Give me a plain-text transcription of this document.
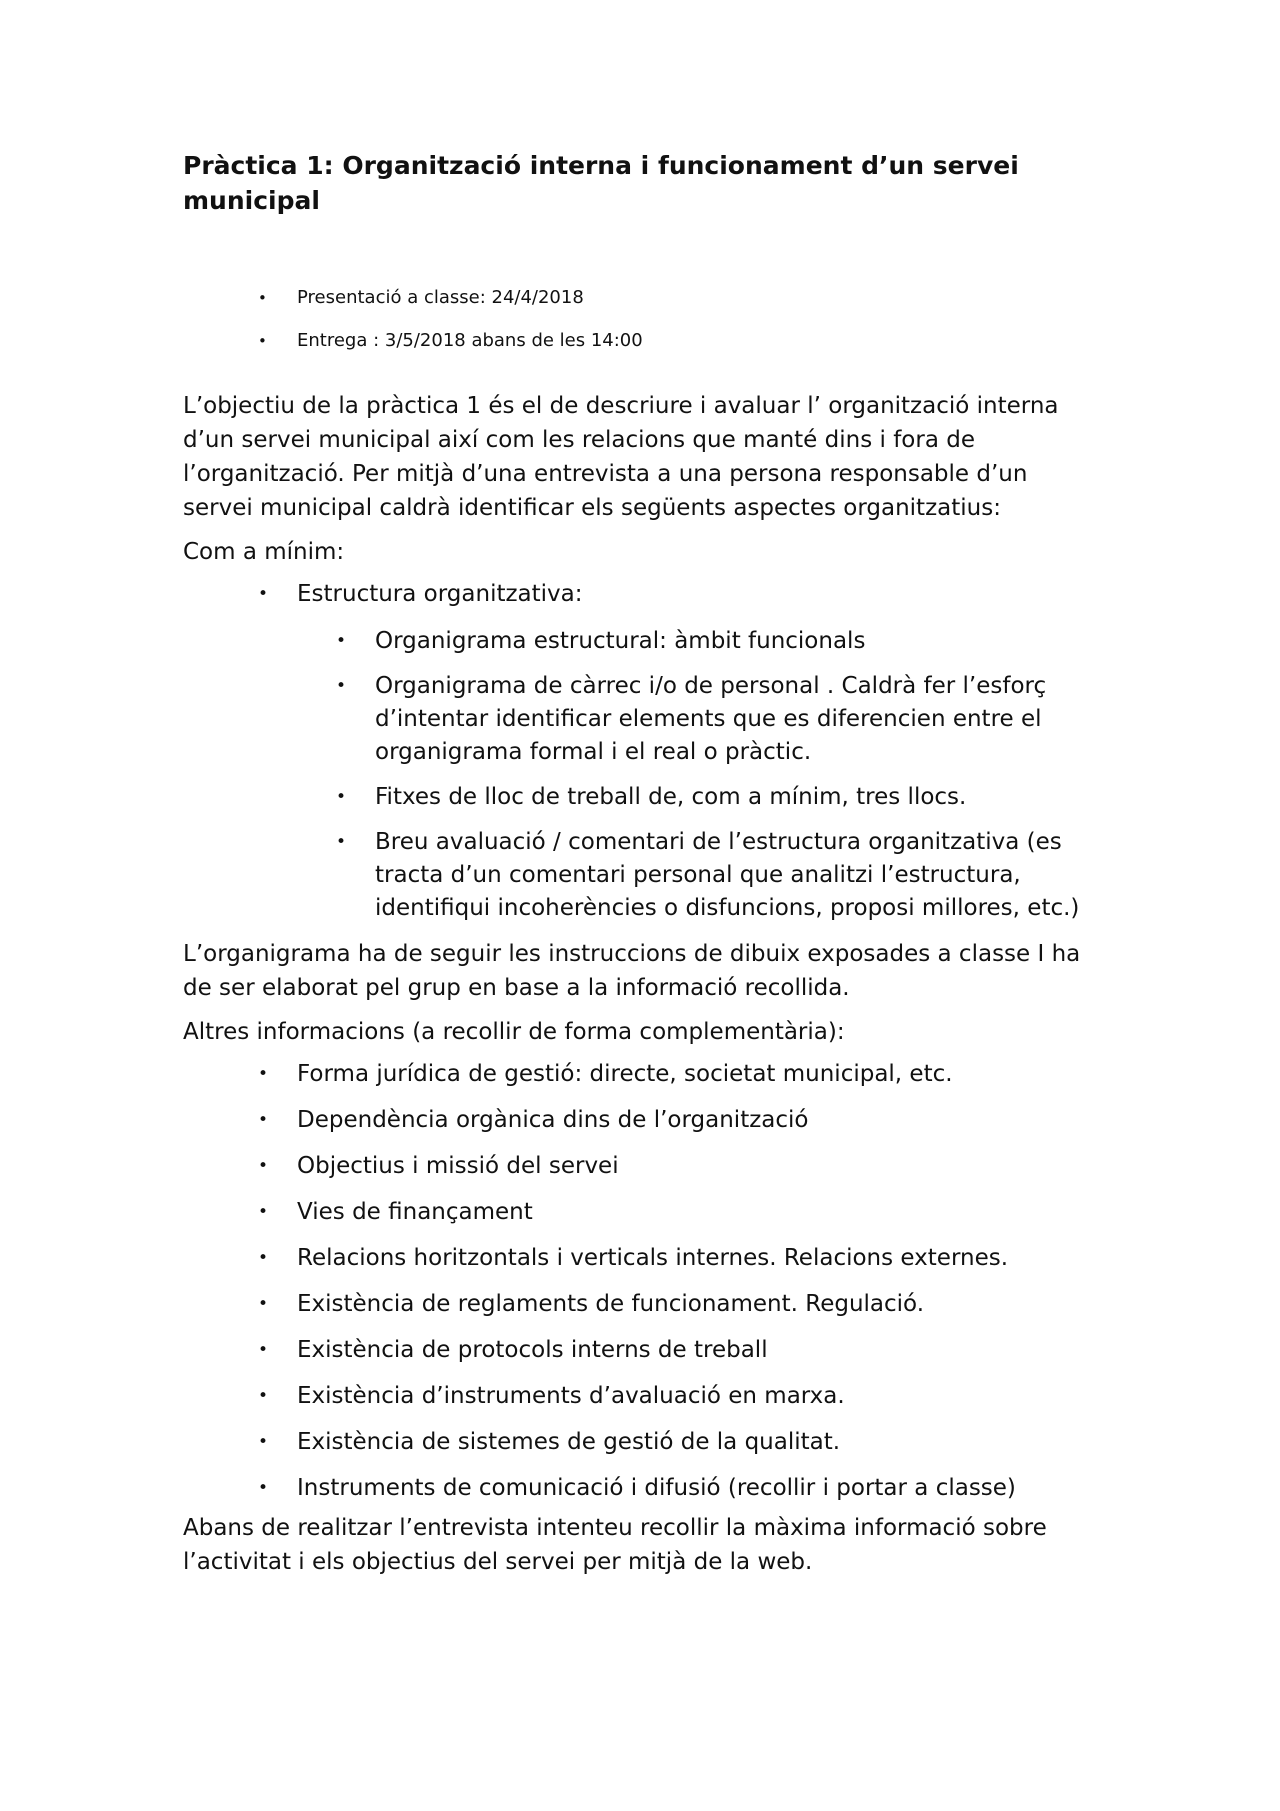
Pràctica 1: Organització interna i funcionament d’un servei municipal
• Presentació a classe: 24/4/2018
• Entrega : 3/5/2018 abans de les 14:00

L’objectiu de la pràctica 1 és el de descriure i avaluar l’ organització interna d’un servei municipal així com les relacions que manté dins i fora de l’organització. Per mitjà d’una entrevista a una persona responsable d’un servei municipal caldrà identificar els següents aspectes organitzatius:

Com a mínim:

• Estructura organitzativa:
• Organigrama estructural: àmbit funcionals
• Organigrama de càrrec i/o de personal . Caldrà fer l’esforç d’intentar identificar elements que es diferencien entre el organigrama formal i el real o pràctic.
• Fitxes de lloc de treball de, com a mínim, tres llocs.
• Breu avaluació / comentari de l’estructura organitzativa (es tracta d’un comentari personal que analitzi l’estructura, identifiqui incoherències o disfuncions, proposi millores, etc.)

L’organigrama ha de seguir les instruccions de dibuix exposades a classe I ha de ser elaborat pel grup en base a la informació recollida.

Altres informacions (a recollir de forma complementària):

• Forma jurídica de gestió: directe, societat municipal, etc.
• Dependència orgànica dins de l’organització
• Objectius i missió del servei
• Vies de finançament
• Relacions horitzontals i verticals internes. Relacions externes.
• Existència de reglaments de funcionament. Regulació.
• Existència de protocols interns de treball
• Existència d’instruments d’avaluació en marxa.
• Existència de sistemes de gestió de la qualitat.
• Instruments de comunicació i difusió (recollir i portar a classe)

Abans de realitzar l’entrevista intenteu recollir la màxima informació sobre l’activitat i els objectius del servei per mitjà de la web.
